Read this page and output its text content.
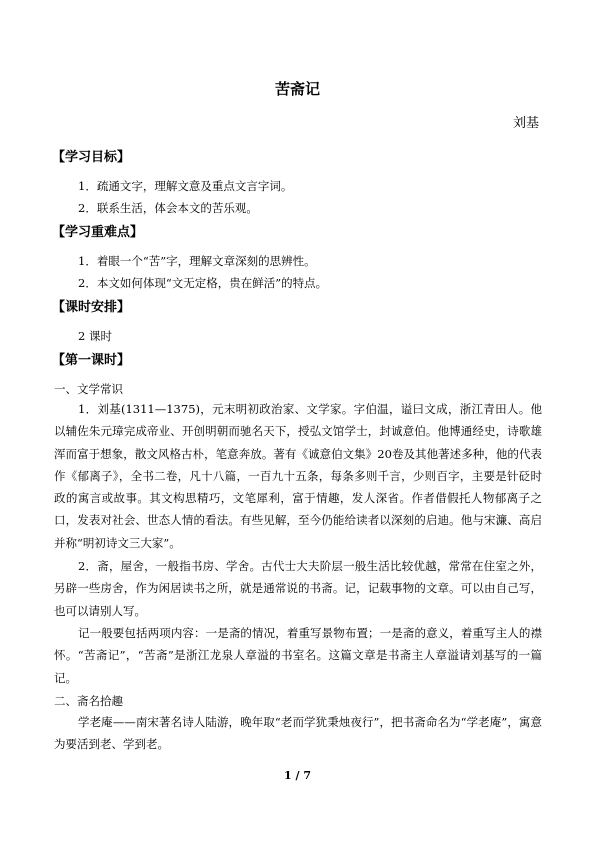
苦斋记
刘基
【学习目标】
1．疏通文字，理解文意及重点文言字词。
2．联系生活，体会本文的苦乐观。
【学习重难点】
1．着眼一个“苦”字，理解文章深刻的思辨性。
2．本文如何体现“文无定格，贵在鲜活”的特点。
【课时安排】
2 课时
【第一课时】
一、文学常识

1．刘基(1311—1375)，元末明初政治家、文学家。字伯温，谥曰文成，浙江青田人。他以辅佐朱元璋完成帝业、开创明朝而驰名天下，授弘文馆学士，封诚意伯。他博通经史，诗歌雄浑而富于想象，散文风格古朴，笔意奔放。著有《诚意伯文集》20卷及其他著述多种，他的代表作《郁离子》，全书二卷，凡十八篇，一百九十五条，每条多则千言，少则百字，主要是针砭时政的寓言或故事。其文构思精巧，文笔犀利，富于情趣，发人深省。作者借假托人物郁离子之口，发表对社会、世态人情的看法。有些见解，至今仍能给读者以深刻的启迪。他与宋濂、高启并称“明初诗文三大家”。

2．斋，屋舍，一般指书房、学舍。古代士大夫阶层一般生活比较优越，常常在住室之外，另辟一些房舍，作为闲居读书之所，就是通常说的书斋。记，记载事物的文章。可以由自己写，也可以请别人写。

记一般要包括两项内容：一是斋的情况，着重写景物布置；一是斋的意义，着重写主人的襟怀。“苦斋记”，“苦斋”是浙江龙泉人章溢的书室名。这篇文章是书斋主人章溢请刘基写的一篇记。

二、斋名拾趣

学老庵——南宋著名诗人陆游，晚年取“老而学犹秉烛夜行”，把书斋命名为“学老庵”，寓意为要活到老、学到老。

1 / 7
